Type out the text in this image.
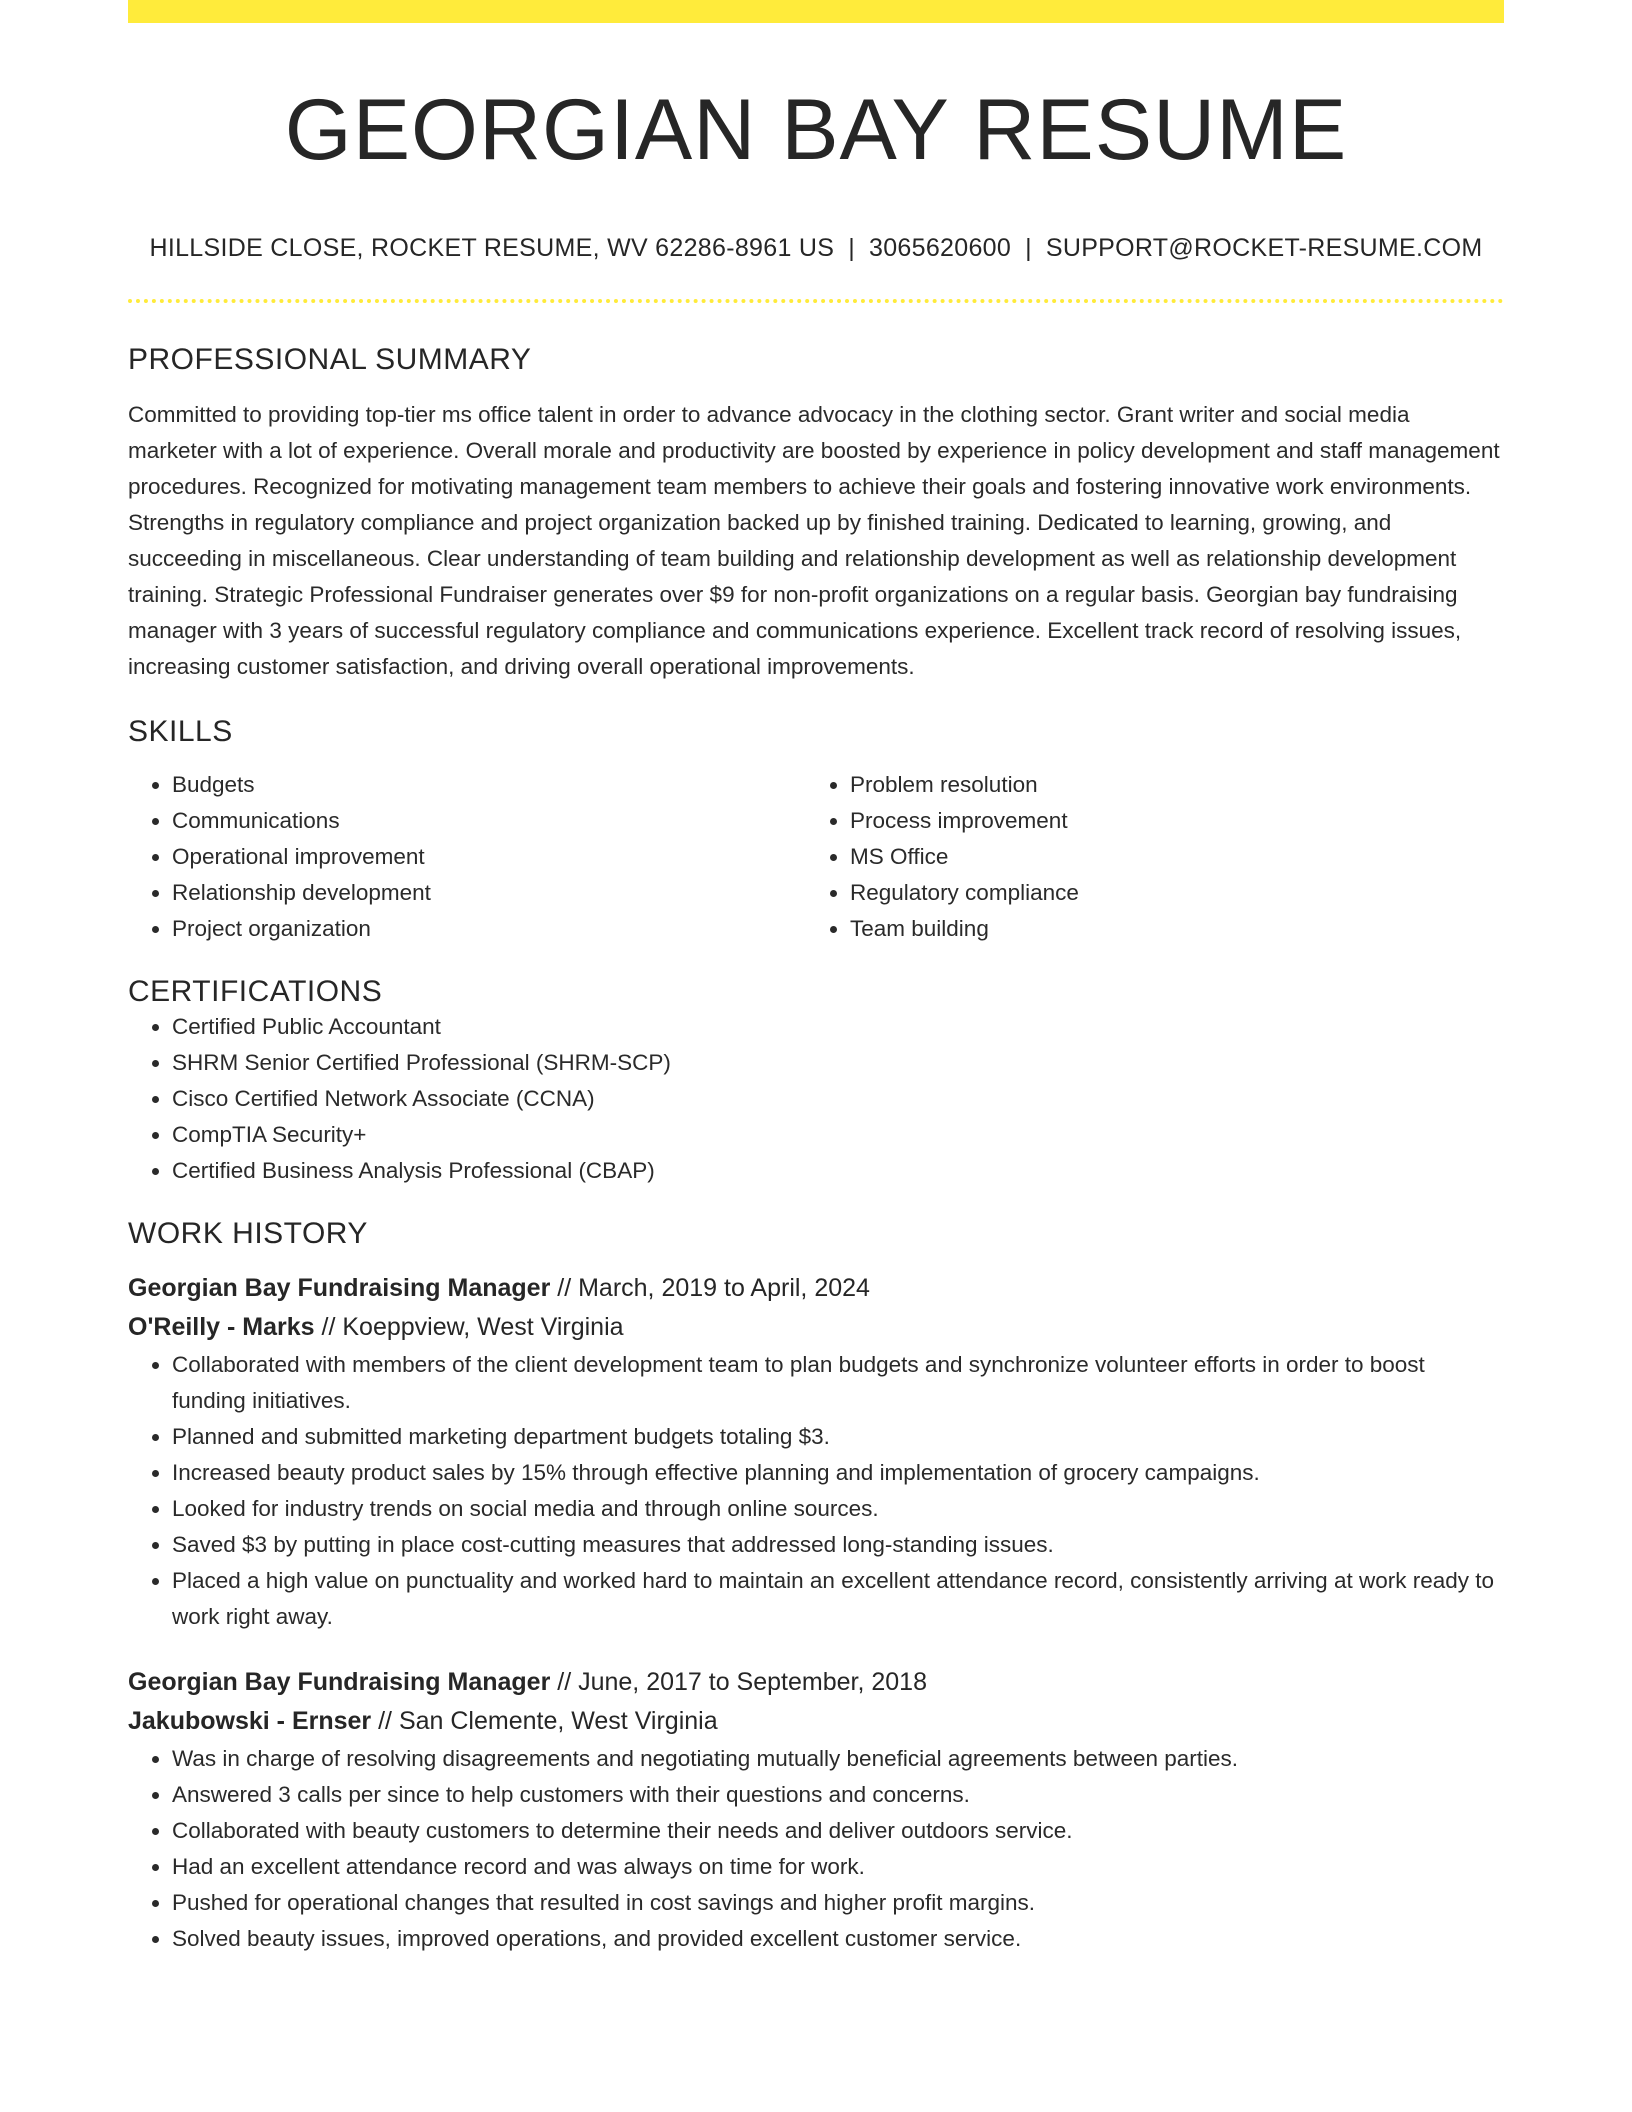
GEORGIAN BAY RESUME
HILLSIDE CLOSE, ROCKET RESUME, WV 62286-8961 US | 3065620600 | SUPPORT@ROCKET-RESUME.COM
PROFESSIONAL SUMMARY
Committed to providing top-tier ms office talent in order to advance advocacy in the clothing sector. Grant writer and social media marketer with a lot of experience. Overall morale and productivity are boosted by experience in policy development and staff management procedures. Recognized for motivating management team members to achieve their goals and fostering innovative work environments. Strengths in regulatory compliance and project organization backed up by finished training. Dedicated to learning, growing, and succeeding in miscellaneous. Clear understanding of team building and relationship development as well as relationship development training. Strategic Professional Fundraiser generates over $9 for non-profit organizations on a regular basis. Georgian bay fundraising manager with 3 years of successful regulatory compliance and communications experience. Excellent track record of resolving issues, increasing customer satisfaction, and driving overall operational improvements.
SKILLS
• Budgets
• Communications
• Operational improvement
• Relationship development
• Project organization
• Problem resolution
• Process improvement
• MS Office
• Regulatory compliance
• Team building
CERTIFICATIONS
• Certified Public Accountant
• SHRM Senior Certified Professional (SHRM-SCP)
• Cisco Certified Network Associate (CCNA)
• CompTIA Security+
• Certified Business Analysis Professional (CBAP)
WORK HISTORY
Georgian Bay Fundraising Manager // March, 2019 to April, 2024
O'Reilly - Marks // Koeppview, West Virginia
• Collaborated with members of the client development team to plan budgets and synchronize volunteer efforts in order to boost funding initiatives.
• Planned and submitted marketing department budgets totaling $3.
• Increased beauty product sales by 15% through effective planning and implementation of grocery campaigns.
• Looked for industry trends on social media and through online sources.
• Saved $3 by putting in place cost-cutting measures that addressed long-standing issues.
• Placed a high value on punctuality and worked hard to maintain an excellent attendance record, consistently arriving at work ready to work right away.
Georgian Bay Fundraising Manager // June, 2017 to September, 2018
Jakubowski - Ernser // San Clemente, West Virginia
• Was in charge of resolving disagreements and negotiating mutually beneficial agreements between parties.
• Answered 3 calls per since to help customers with their questions and concerns.
• Collaborated with beauty customers to determine their needs and deliver outdoors service.
• Had an excellent attendance record and was always on time for work.
• Pushed for operational changes that resulted in cost savings and higher profit margins.
• Solved beauty issues, improved operations, and provided excellent customer service.
